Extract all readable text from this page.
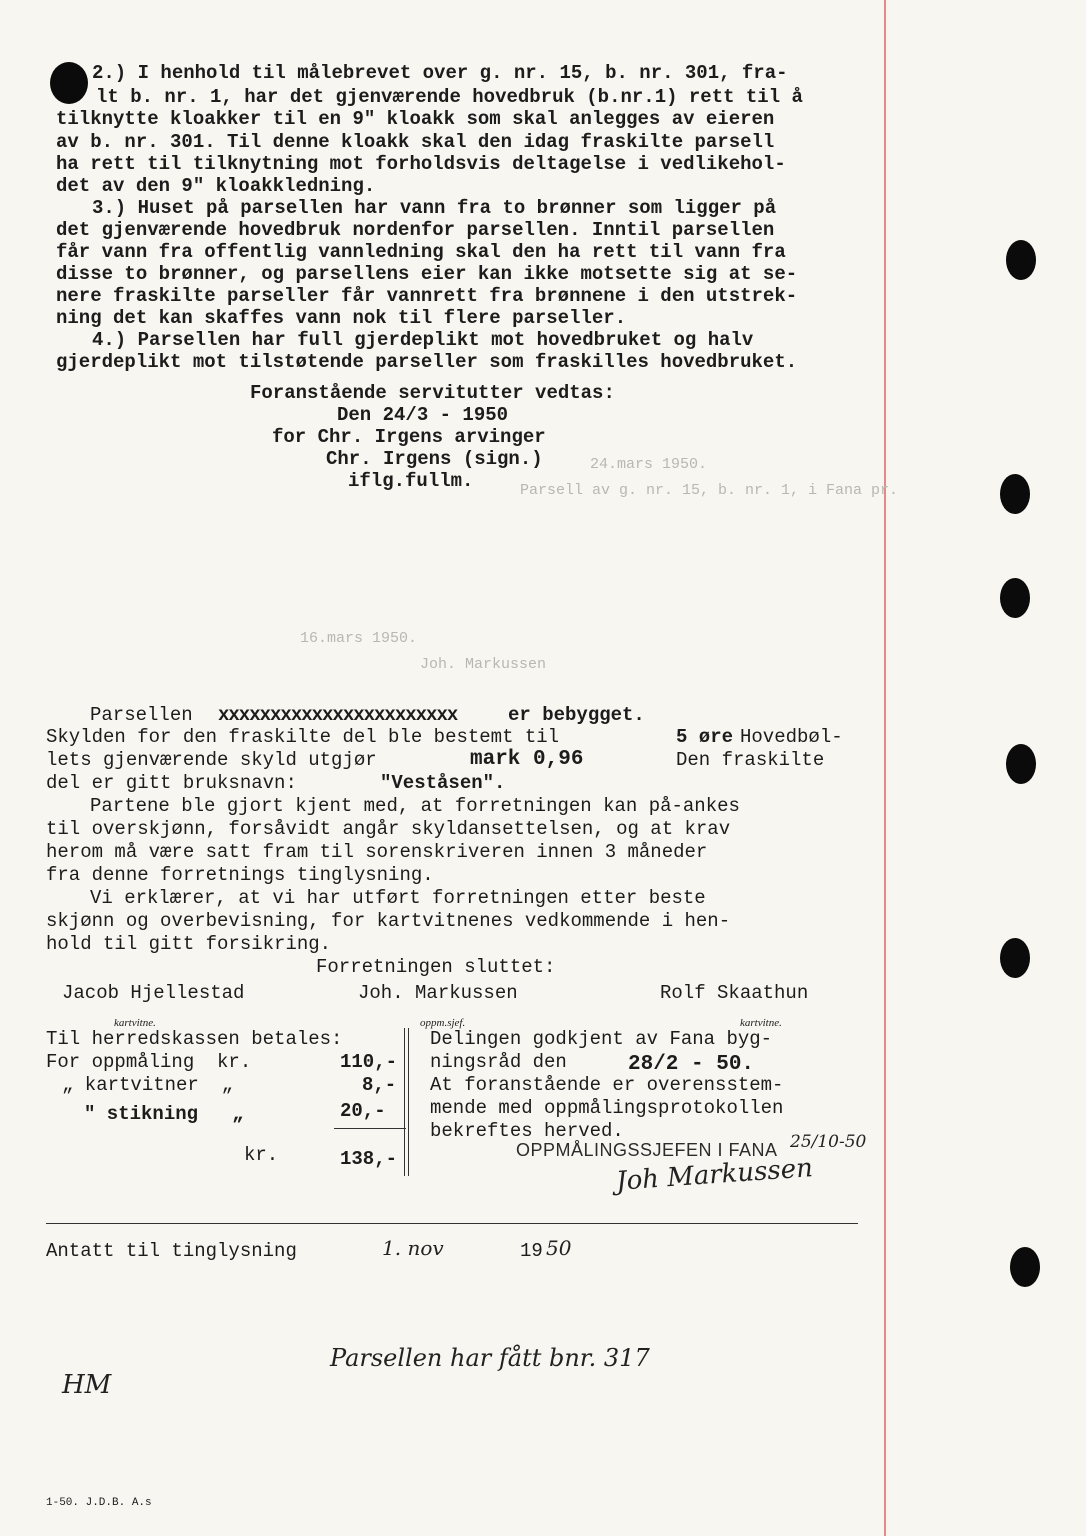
24.mars 1950.
Parsell av g. nr. 15, b. nr. 1, i Fana pr.
16.mars 1950.
Joh. Markussen
2.) I henhold til målebrevet over g. nr. 15, b. nr. 301, fra-
lt b. nr. 1, har det gjenværende hovedbruk (b.nr.1) rett til å
tilknytte kloakker til en 9" kloakk som skal anlegges av eieren
av b. nr. 301. Til denne kloakk skal den idag fraskilte parsell
ha rett til tilknytning mot forholdsvis deltagelse i vedlikehol-
det av den 9" kloakkledning.
3.) Huset på parsellen har vann fra to brønner som ligger på
det gjenværende hovedbruk nordenfor parsellen. Inntil parsellen
får vann fra offentlig vannledning skal den ha rett til vann fra
disse to brønner, og parsellens eier kan ikke motsette sig at se-
nere fraskilte parseller får vannrett fra brønnene i den utstrek-
ning det kan skaffes vann nok til flere parseller.
4.) Parsellen har full gjerdeplikt mot hovedbruket og halv
gjerdeplikt mot tilstøtende parseller som fraskilles hovedbruket.
Foranstående servitutter vedtas:
Den 24/3 - 1950
for Chr. Irgens arvinger
Chr. Irgens (sign.)
iflg.fullm.
Parsellen xxxxxxxxxxxxxxxxxxxxxxx	er bebygget.
Skylden for den fraskilte del ble bestemt til	5 øre Hovedbøl-
lets gjenværende skyld utgjør	mark 0,96	Den fraskilte
del er gitt bruksnavn:	"Veståsen".
Partene ble gjort kjent med, at forretningen kan på-ankes
til overskjønn, forsåvidt angår skyldansettelsen, og at krav
herom må være satt fram til sorenskriveren innen 3 måneder
fra denne forretnings tinglysning.
Vi erklærer, at vi har utført forretningen etter beste
skjønn og overbevisning, for kartvitnenes vedkommende i hen-
hold til gitt forsikring.
Forretningen sluttet:
Jacob Hjellestad	Joh. Markussen	Rolf Skaathun
kartvitne.	oppm.sjef.	kartvitne.
Til herredskassen betales:
For oppmåling  kr.	110,-
„ kartvitner  „	8,-
" stikning   „	20,-
kr.	138,-
Delingen godkjent av Fana byg-
ningsråd den	28/2 - 50.
At foranstående er overensstem-
mende med oppmålingsprotokollen
bekreftes herved.
OPPMÅLINGSSJEFEN I FANA 25/10-50
Joh Markussen
Antatt til tinglysning	1. nov	19 50
Parsellen har fått bnr. 317
HM
1-50. J.D.B. A.s
